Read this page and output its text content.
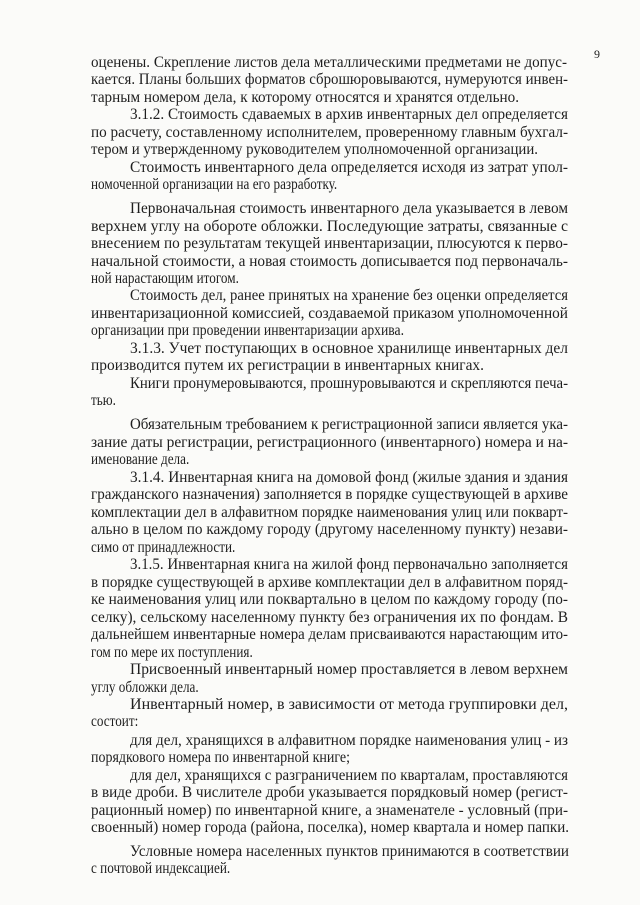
9
оценены. Скрепление листов дела металлическими предметами не допус-
кается. Планы больших форматов сброшюровываются, нумеруются инвен-
тарным номером дела, к которому относятся и хранятся отдельно.
3.1.2. Стоимость сдаваемых в архив инвентарных дел определяется
по расчету, составленному исполнителем, проверенному главным бухгал-
тером и утвержденному руководителем уполномоченной организации.
Стоимость инвентарного дела определяется исходя из затрат упол-
номоченной организации на его разработку.
Первоначальная стоимость инвентарного дела указывается в левом
верхнем углу на обороте обложки. Последующие затраты, связанные с
внесением по результатам текущей инвентаризации, плюсуются к перво-
начальной стоимости, а новая стоимость дописывается под первоначаль-
ной нарастающим итогом.
Стоимость дел, ранее принятых на хранение без оценки определяется
инвентаризационной комиссией, создаваемой приказом уполномоченной
организации при проведении инвентаризации архива.
3.1.3. Учет поступающих в основное хранилище инвентарных дел
производится путем их регистрации в инвентарных книгах.
Книги пронумеровываются, прошнуровываются и скрепляются печа-
тью.
Обязательным требованием к регистрационной записи является ука-
зание даты регистрации, регистрационного (инвентарного) номера и на-
именование дела.
3.1.4. Инвентарная книга на домовой фонд (жилые здания и здания
гражданского назначения) заполняется в порядке существующей в архиве
комплектации дел в алфавитном порядке наименования улиц или покварт-
ально в целом по каждому городу (другому населенному пункту) незави-
симо от принадлежности.
3.1.5. Инвентарная книга на жилой фонд первоначально заполняется
в порядке существующей в архиве комплектации дел в алфавитном поряд-
ке наименования улиц или поквартально в целом по каждому городу (по-
селку), сельскому населенному пункту без ограничения их по фондам. В
дальнейшем инвентарные номера делам присваиваются нарастающим ито-
гом по мере их поступления.
Присвоенный инвентарный номер проставляется в левом верхнем
углу обложки дела.
Инвентарный номер, в зависимости от метода группировки дел,
состоит:
для дел, хранящихся в алфавитном порядке наименования улиц - из
порядкового номера по инвентарной книге;
для дел, хранящихся с разграничением по кварталам, проставляются
в виде дроби. В числителе дроби указывается порядковый номер (регист-
рационный номер) по инвентарной книге, а знаменателе - условный (при-
своенный) номер города (района, поселка), номер квартала и номер папки.
Условные номера населенных пунктов принимаются в соответствии
с почтовой индексацией.
